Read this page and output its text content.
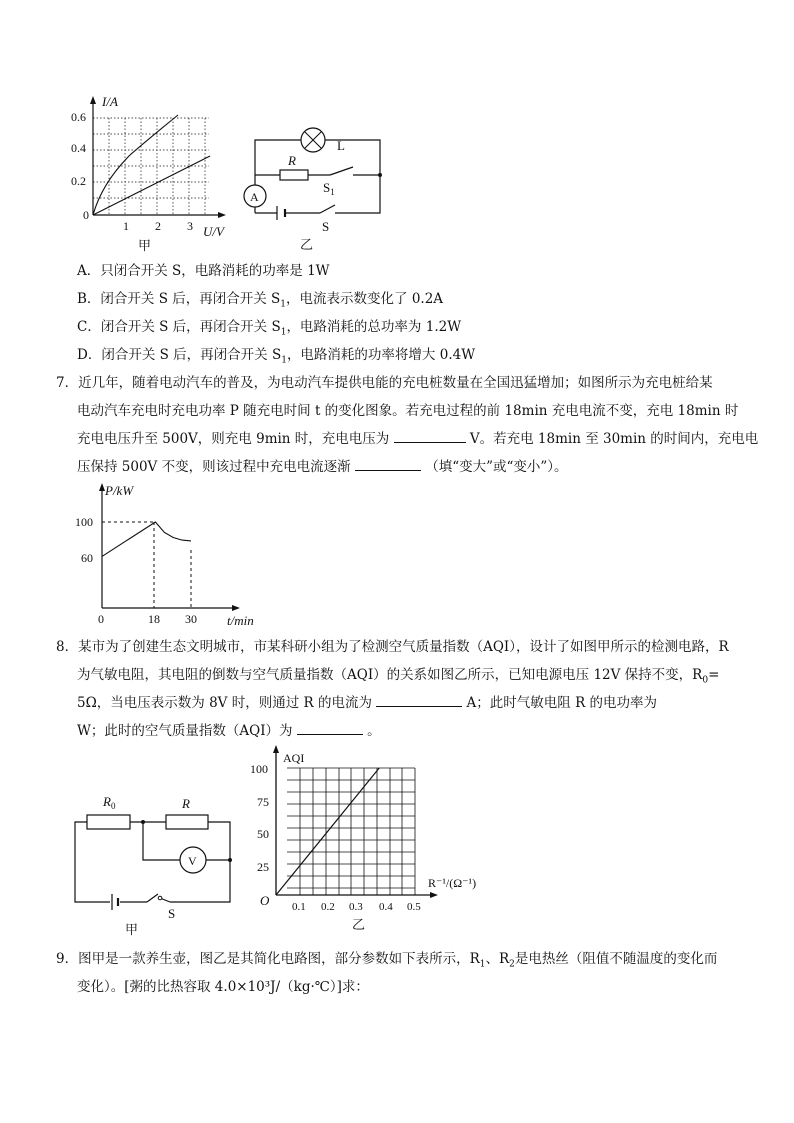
I/A
0.6
0.4
0.2
0
1 2 3 U/V
甲
L
R
$S_1$
A
S
乙
A．只闭合开关 S，电路消耗的功率是 1W
B．闭合开关 S 后，再闭合开关 $S_1$，电流表示数变化了 0.2A
C．闭合开关 S 后，再闭合开关 $S_1$，电路消耗的总功率为 1.2W
D．闭合开关 S 后，再闭合开关 $S_1$，电路消耗的功率将增大 0.4W
7．近几年，随着电动汽车的普及，为电动汽车提供电能的充电桩数量在全国迅猛增加；如图所示为充电桩给某
电动汽车充电时充电功率 P 随充电时间 t 的变化图象。若充电过程的前 18min 充电电流不变，充电 18min 时
充电电压升至 500V，则充电 9min 时，充电电压为	V。若充电 18min 至 30min 的时间内，充电电
压保持 500V 不变，则该过程中充电电流逐渐	（填“变大”或“变小”）。
P/kW
100
60
0	18 30 t/min
8．某市为了创建生态文明城市，市某科研小组为了检测空气质量指数（AQI），设计了如图甲所示的检测电路，R
为气敏电阻，其电阻的倒数与空气质量指数（AQI）的关系如图乙所示，已知电源电压 12V 保持不变，$R_0=$
5Ω，当电压表示数为 8V 时，则通过 R 的电流为	A；此时气敏电阻 R 的电功率为
W；此时的空气质量指数（AQI）为	。
$R_0$	R
V
S
甲
AQI
100
75
50
25
O 0.1 0.2 0.3 0.4 0.5
R⁻¹/(Ω⁻¹)
乙
9．图甲是一款养生壶，图乙是其简化电路图，部分参数如下表所示，$R_1$、$R_2$是电热丝（阻值不随温度的变化而
变化）。[粥的比热容取 4.0×10³J/（kg·℃）]求：
